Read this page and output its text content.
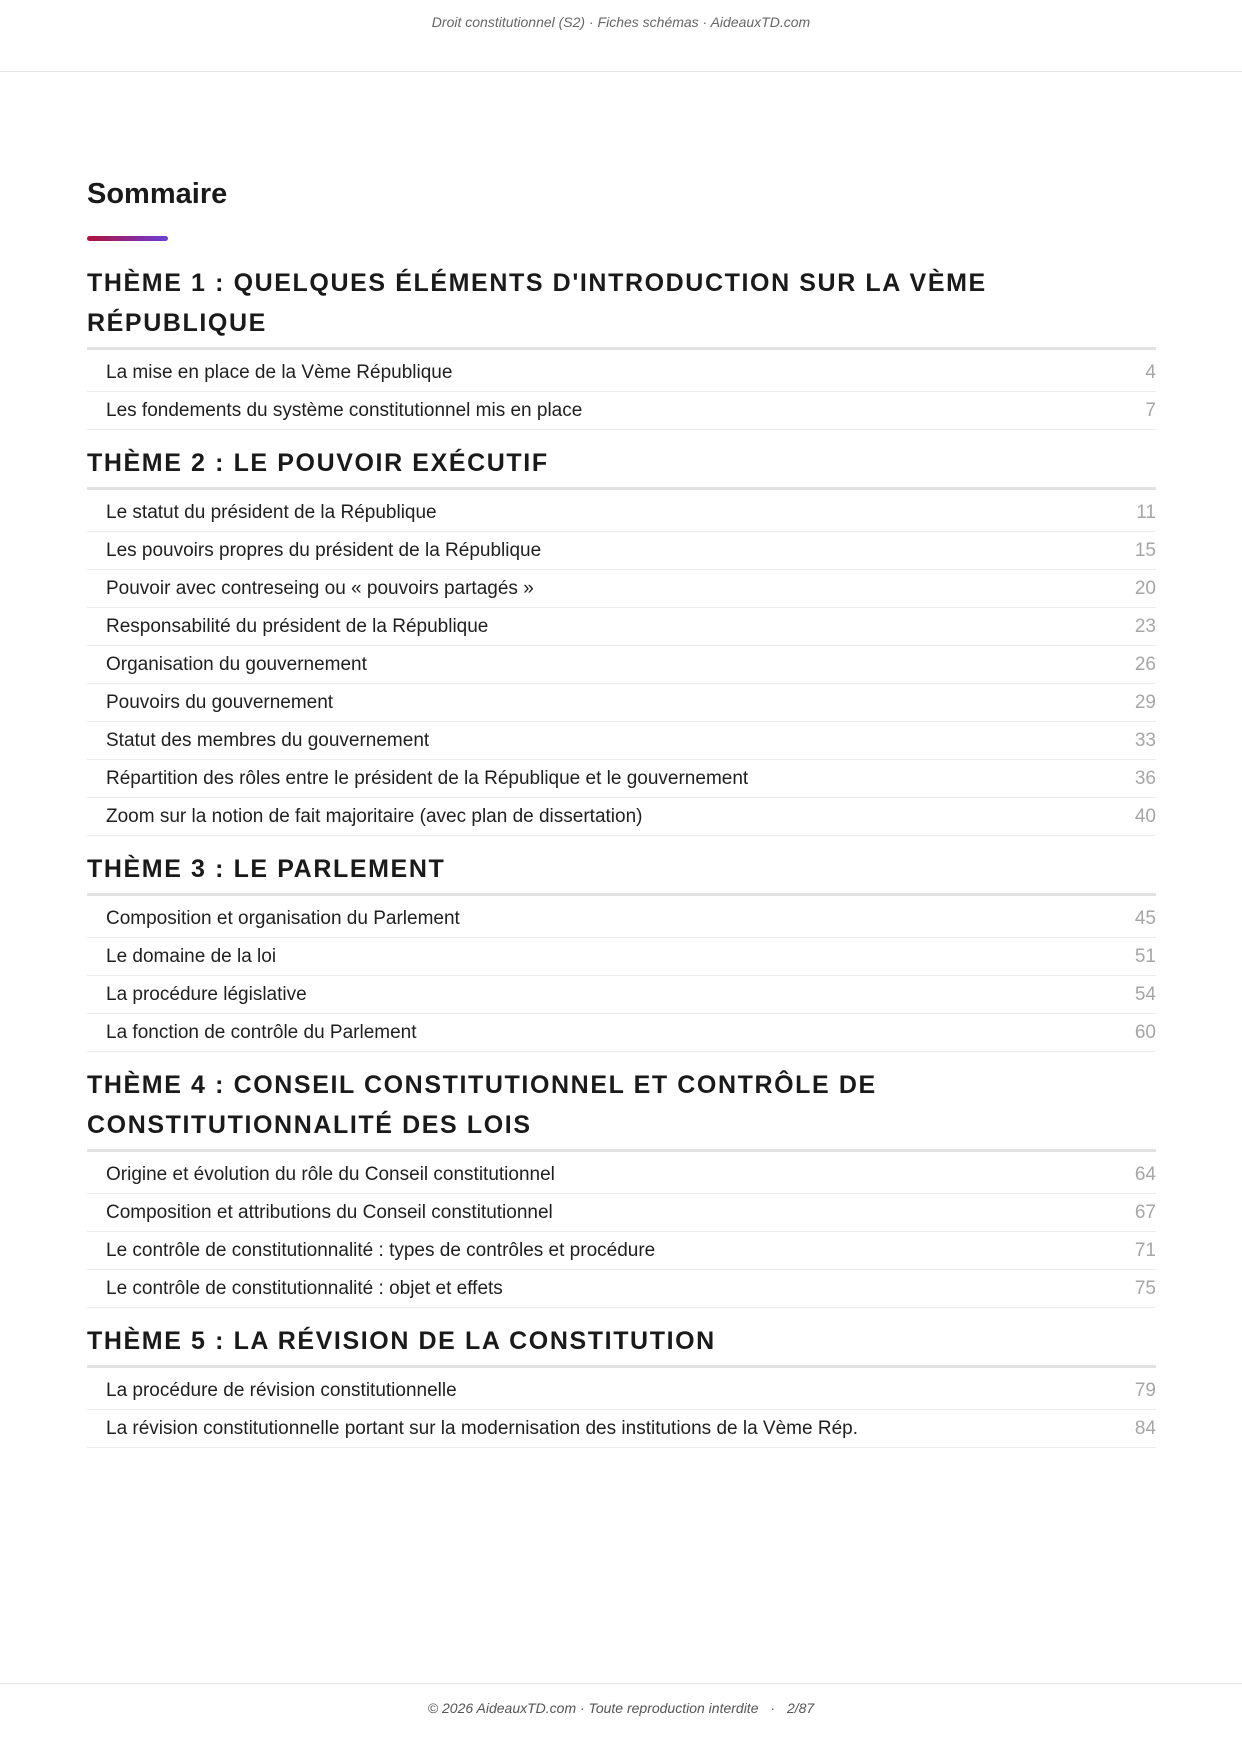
Droit constitutionnel (S2) · Fiches schémas · AideauxTD.com
Sommaire
THÈME 1 : QUELQUES ÉLÉMENTS D'INTRODUCTION SUR LA VÈME RÉPUBLIQUE
La mise en place de la Vème République	4
Les fondements du système constitutionnel mis en place	7
THÈME 2 : LE POUVOIR EXÉCUTIF
Le statut du président de la République	11
Les pouvoirs propres du président de la République	15
Pouvoir avec contreseing ou « pouvoirs partagés »	20
Responsabilité du président de la République	23
Organisation du gouvernement	26
Pouvoirs du gouvernement	29
Statut des membres du gouvernement	33
Répartition des rôles entre le président de la République et le gouvernement	36
Zoom sur la notion de fait majoritaire (avec plan de dissertation)	40
THÈME 3 : LE PARLEMENT
Composition et organisation du Parlement	45
Le domaine de la loi	51
La procédure législative	54
La fonction de contrôle du Parlement	60
THÈME 4 : CONSEIL CONSTITUTIONNEL ET CONTRÔLE DE CONSTITUTIONNALITÉ DES LOIS
Origine et évolution du rôle du Conseil constitutionnel	64
Composition et attributions du Conseil constitutionnel	67
Le contrôle de constitutionnalité : types de contrôles et procédure	71
Le contrôle de constitutionnalité : objet et effets	75
THÈME 5 : LA RÉVISION DE LA CONSTITUTION
La procédure de révision constitutionnelle	79
La révision constitutionnelle portant sur la modernisation des institutions de la Vème Rép.	84
© 2026 AideauxTD.com · Toute reproduction interdite · 2/87
